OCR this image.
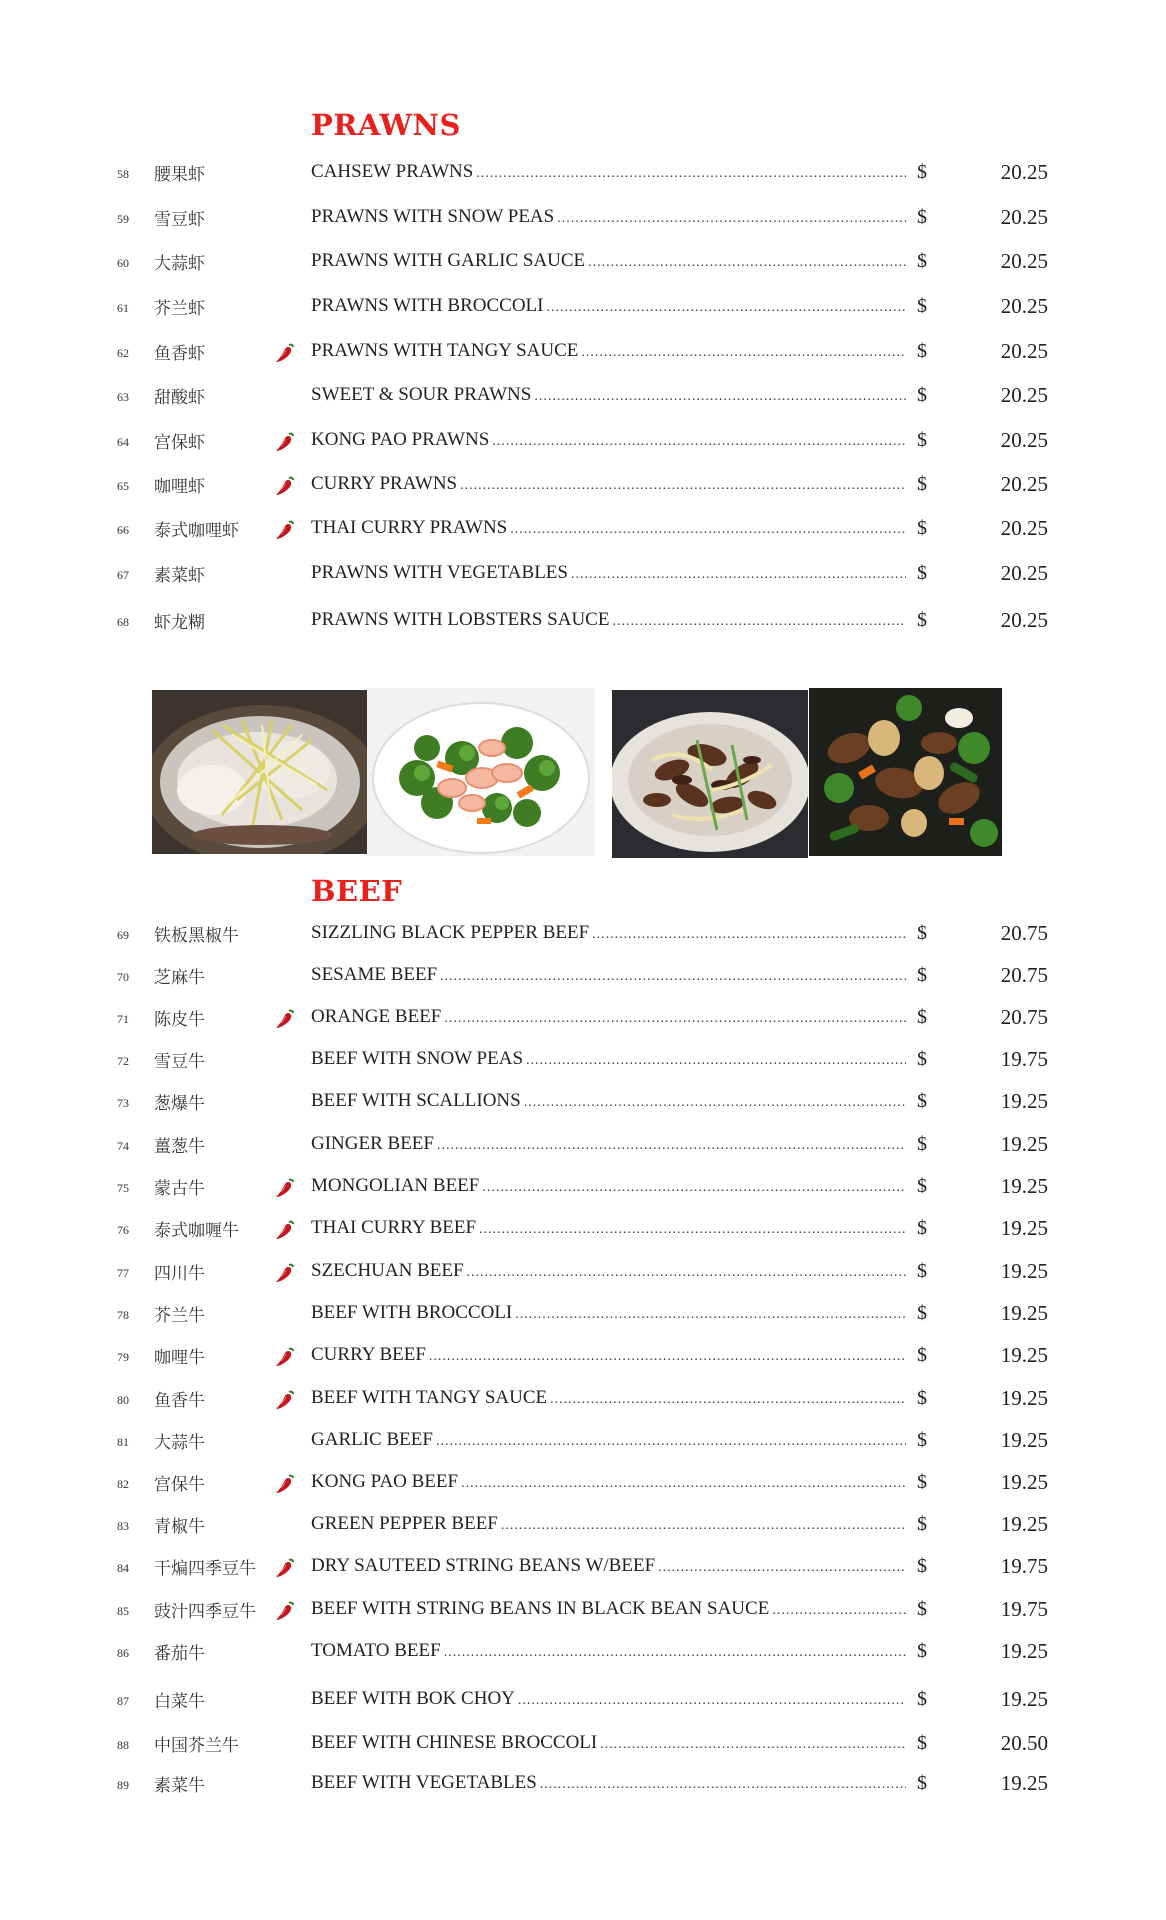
PRAWNS
58 腰果虾	CAHSEW PRAWNS .....	$	20.25
59 雪豆虾	PRAWNS WITH SNOW PEAS .....	$	20.25
60 大蒜虾	PRAWNS WITH GARLIC SAUCE .....	$	20.25
61 芥兰虾	PRAWNS WITH BROCCOLI .....	$	20.25
62 鱼香虾	PRAWNS WITH TANGY SAUCE .....	$	20.25
63 甜酸虾	SWEET & SOUR PRAWNS .....	$	20.25
64 宫保虾	KONG PAO PRAWNS .....	$	20.25
65 咖哩虾	CURRY PRAWNS .....	$	20.25
66 泰式咖哩虾	THAI CURRY PRAWNS .....	$	20.25
67 素菜虾	PRAWNS WITH VEGETABLES .....	$	20.25
68 虾龙糊	PRAWNS WITH LOBSTERS SAUCE .....	$	20.25
BEEF
69 铁板黑椒牛	SIZZLING BLACK PEPPER BEEF .....	$	20.75
70 芝麻牛	SESAME BEEF .....	$	20.75
71 陈皮牛	ORANGE BEEF .....	$	20.75
72 雪豆牛	BEEF WITH SNOW PEAS .....	$	19.75
73 葱爆牛	BEEF WITH SCALLIONS .....	$	19.25
74 薑葱牛	GINGER BEEF .....	$	19.25
75 蒙古牛	MONGOLIAN BEEF .....	$	19.25
76 泰式咖喱牛	THAI CURRY BEEF .....	$	19.25
77 四川牛	SZECHUAN BEEF .....	$	19.25
78 芥兰牛	BEEF WITH BROCCOLI .....	$	19.25
79 咖哩牛	CURRY BEEF .....	$	19.25
80 鱼香牛	BEEF WITH TANGY SAUCE .....	$	19.25
81 大蒜牛	GARLIC BEEF .....	$	19.25
82 宫保牛	KONG PAO BEEF .....	$	19.25
83 青椒牛	GREEN PEPPER BEEF .....	$	19.25
84 干煸四季豆牛	DRY SAUTEED STRING BEANS W/BEEF .....	$	19.75
85 豉汁四季豆牛	BEEF WITH STRING BEANS IN BLACK BEAN SAUCE .....	$	19.75
86 番茄牛	TOMATO BEEF .....	$	19.25
87 白菜牛	BEEF WITH BOK CHOY .....	$	19.25
88 中国芥兰牛	BEEF WITH CHINESE BROCCOLI .....	$	20.50
89 素菜牛	BEEF WITH VEGETABLES .....	$	19.25
